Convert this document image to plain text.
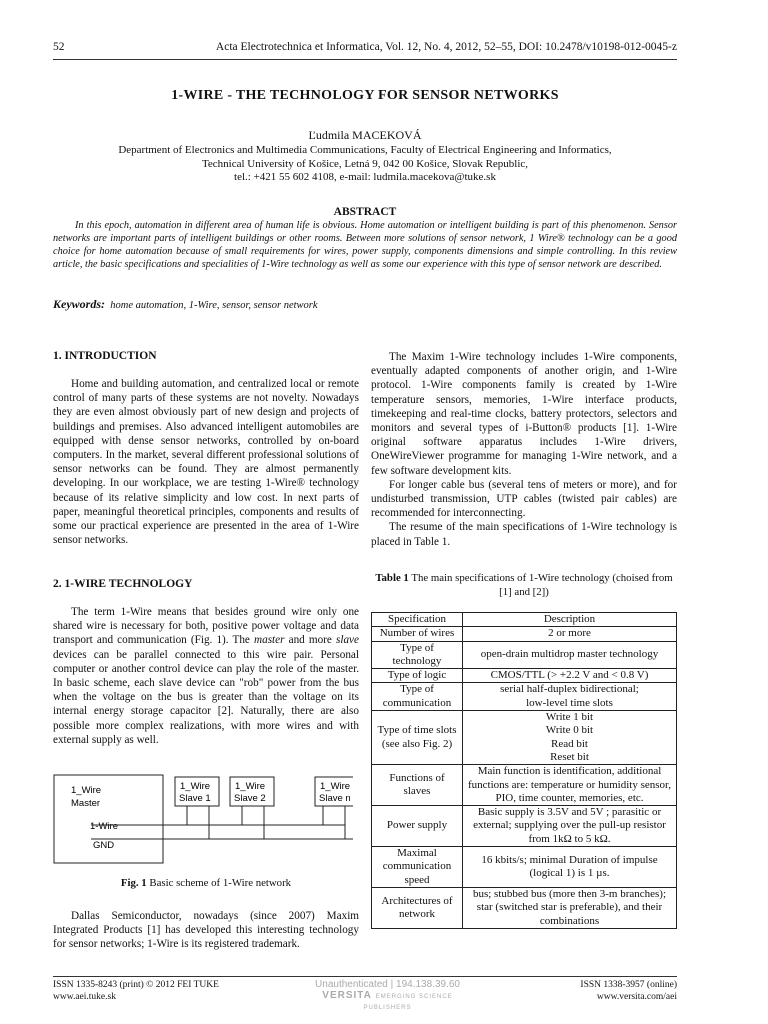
52	Acta Electrotechnica et Informatica, Vol. 12, No. 4, 2012, 52–55, DOI: 10.2478/v10198-012-0045-z
1-WIRE - THE TECHNOLOGY FOR SENSOR NETWORKS
Ľudmila MACEKOVÁ
Department of Electronics and Multimedia Communications, Faculty of Electrical Engineering and Informatics,
Technical University of Košice, Letná 9, 042 00 Košice, Slovak Republic,
tel.: +421 55 602 4108, e-mail: ludmila.macekova@tuke.sk
ABSTRACT

In this epoch, automation in different area of human life is obvious. Home automation or intelligent building is part of this phenomenon. Sensor networks are important parts of intelligent buildings or other rooms. Between more solutions of sensor network, 1 Wire® technology can be a good choice for home automation because of small requirements for wires, power supply, components dimensions and simple controlling. In this review article, the basic specifications and specialities of 1-Wire technology as well as some our experience with this type of sensor network are described.

Keywords: home automation, 1-Wire, sensor, sensor network
1. INTRODUCTION

Home and building automation, and centralized local or remote control of many parts of these systems are not novelty. Nowadays they are even almost obviously part of new design and projects of buildings and premises. Also advanced intelligent automobiles are equipped with dense sensor networks, controlled by on-board computers. In the market, several different professional solutions of sensor networks can be found. They are almost permanently developing. In our workplace, we are testing 1-Wire® technology because of its relative simplicity and low cost. In next parts of paper, meaningful theoretical principles, components and results of some our practical experience are presented in the area of 1-Wire sensor networks.

2. 1-WIRE TECHNOLOGY

The term 1-Wire means that besides ground wire only one shared wire is necessary for both, positive power voltage and data transport and communication (Fig. 1). The master and more slave devices can be parallel connected to this wire pair. Personal computer or another control device can play the role of the master. In basic scheme, each slave device can "rob" power from the bus when the voltage on the bus is greater than the voltage on its internal energy storage capacitor [2]. Naturally, there are also possible more complex realizations, with more wires and with external supply as well.

1_Wire
Master
1-Wire
GND
1_Wire
Slave 1
1_Wire
Slave 2
1_Wire
Slave n
Fig. 1 Basic scheme of 1-Wire network

Dallas Semiconductor, nowadays (since 2007) Maxim Integrated Products [1] has developed this interesting technology for sensor networks; 1-Wire is its registered trademark.

The Maxim 1-Wire technology includes 1-Wire components, eventually adapted components of another origin, and 1-Wire protocol. 1-Wire components family is created by 1-Wire temperature sensors, memories, 1-Wire interface products, timekeeping and real-time clocks, battery protectors, selectors and monitors and several types of i-Button® products [1]. 1-Wire original software apparatus includes 1-Wire drivers, OneWireViewer programme for managing 1-Wire network, and a few software development kits.

For longer cable bus (several tens of meters or more), and for undisturbed transmission, UTP cables (twisted pair cables) are recommended for interconnecting.

The resume of the main specifications of 1-Wire technology is placed in Table 1.

Table 1 The main specifications of 1-Wire technology (choised from [1] and [2])
Specification	Description
Number of wires	2 or more

Type of technology	open-drain multidrop master technology

Type of logic	CMOS/TTL (> +2.2 V and < 0.8 V)

Type of communication	serial half-duplex bidirectional;
low-level time slots

Type of time slots (see also Fig. 2)	Write 1 bit
Write 0 bit
Read bit
Reset bit

Functions of slaves	Main function is identification, additional functions are: temperature or humidity sensor, PIO, time counter, memories, etc.

Power supply	Basic supply is 3.5V and 5V ; parasitic or external; supplying over the pull-up resistor from 1kΩ to 5 kΩ.

Maximal communication speed	16 kbits/s; minimal Duration of impulse (logical 1) is 1 µs.

Architectures of network	bus; stubbed bus (more then 3-m branches); star (switched star is preferable), and their combinations
ISSN 1335-8243 (print) © 2012 FEI TUKE
www.aei.tuke.sk
ISSN 1338-3957 (online)
www.versita.com/aei
Unauthenticated | 194.138.39.60
VERSITA EMERGING SCIENCE PUBLISHERS
